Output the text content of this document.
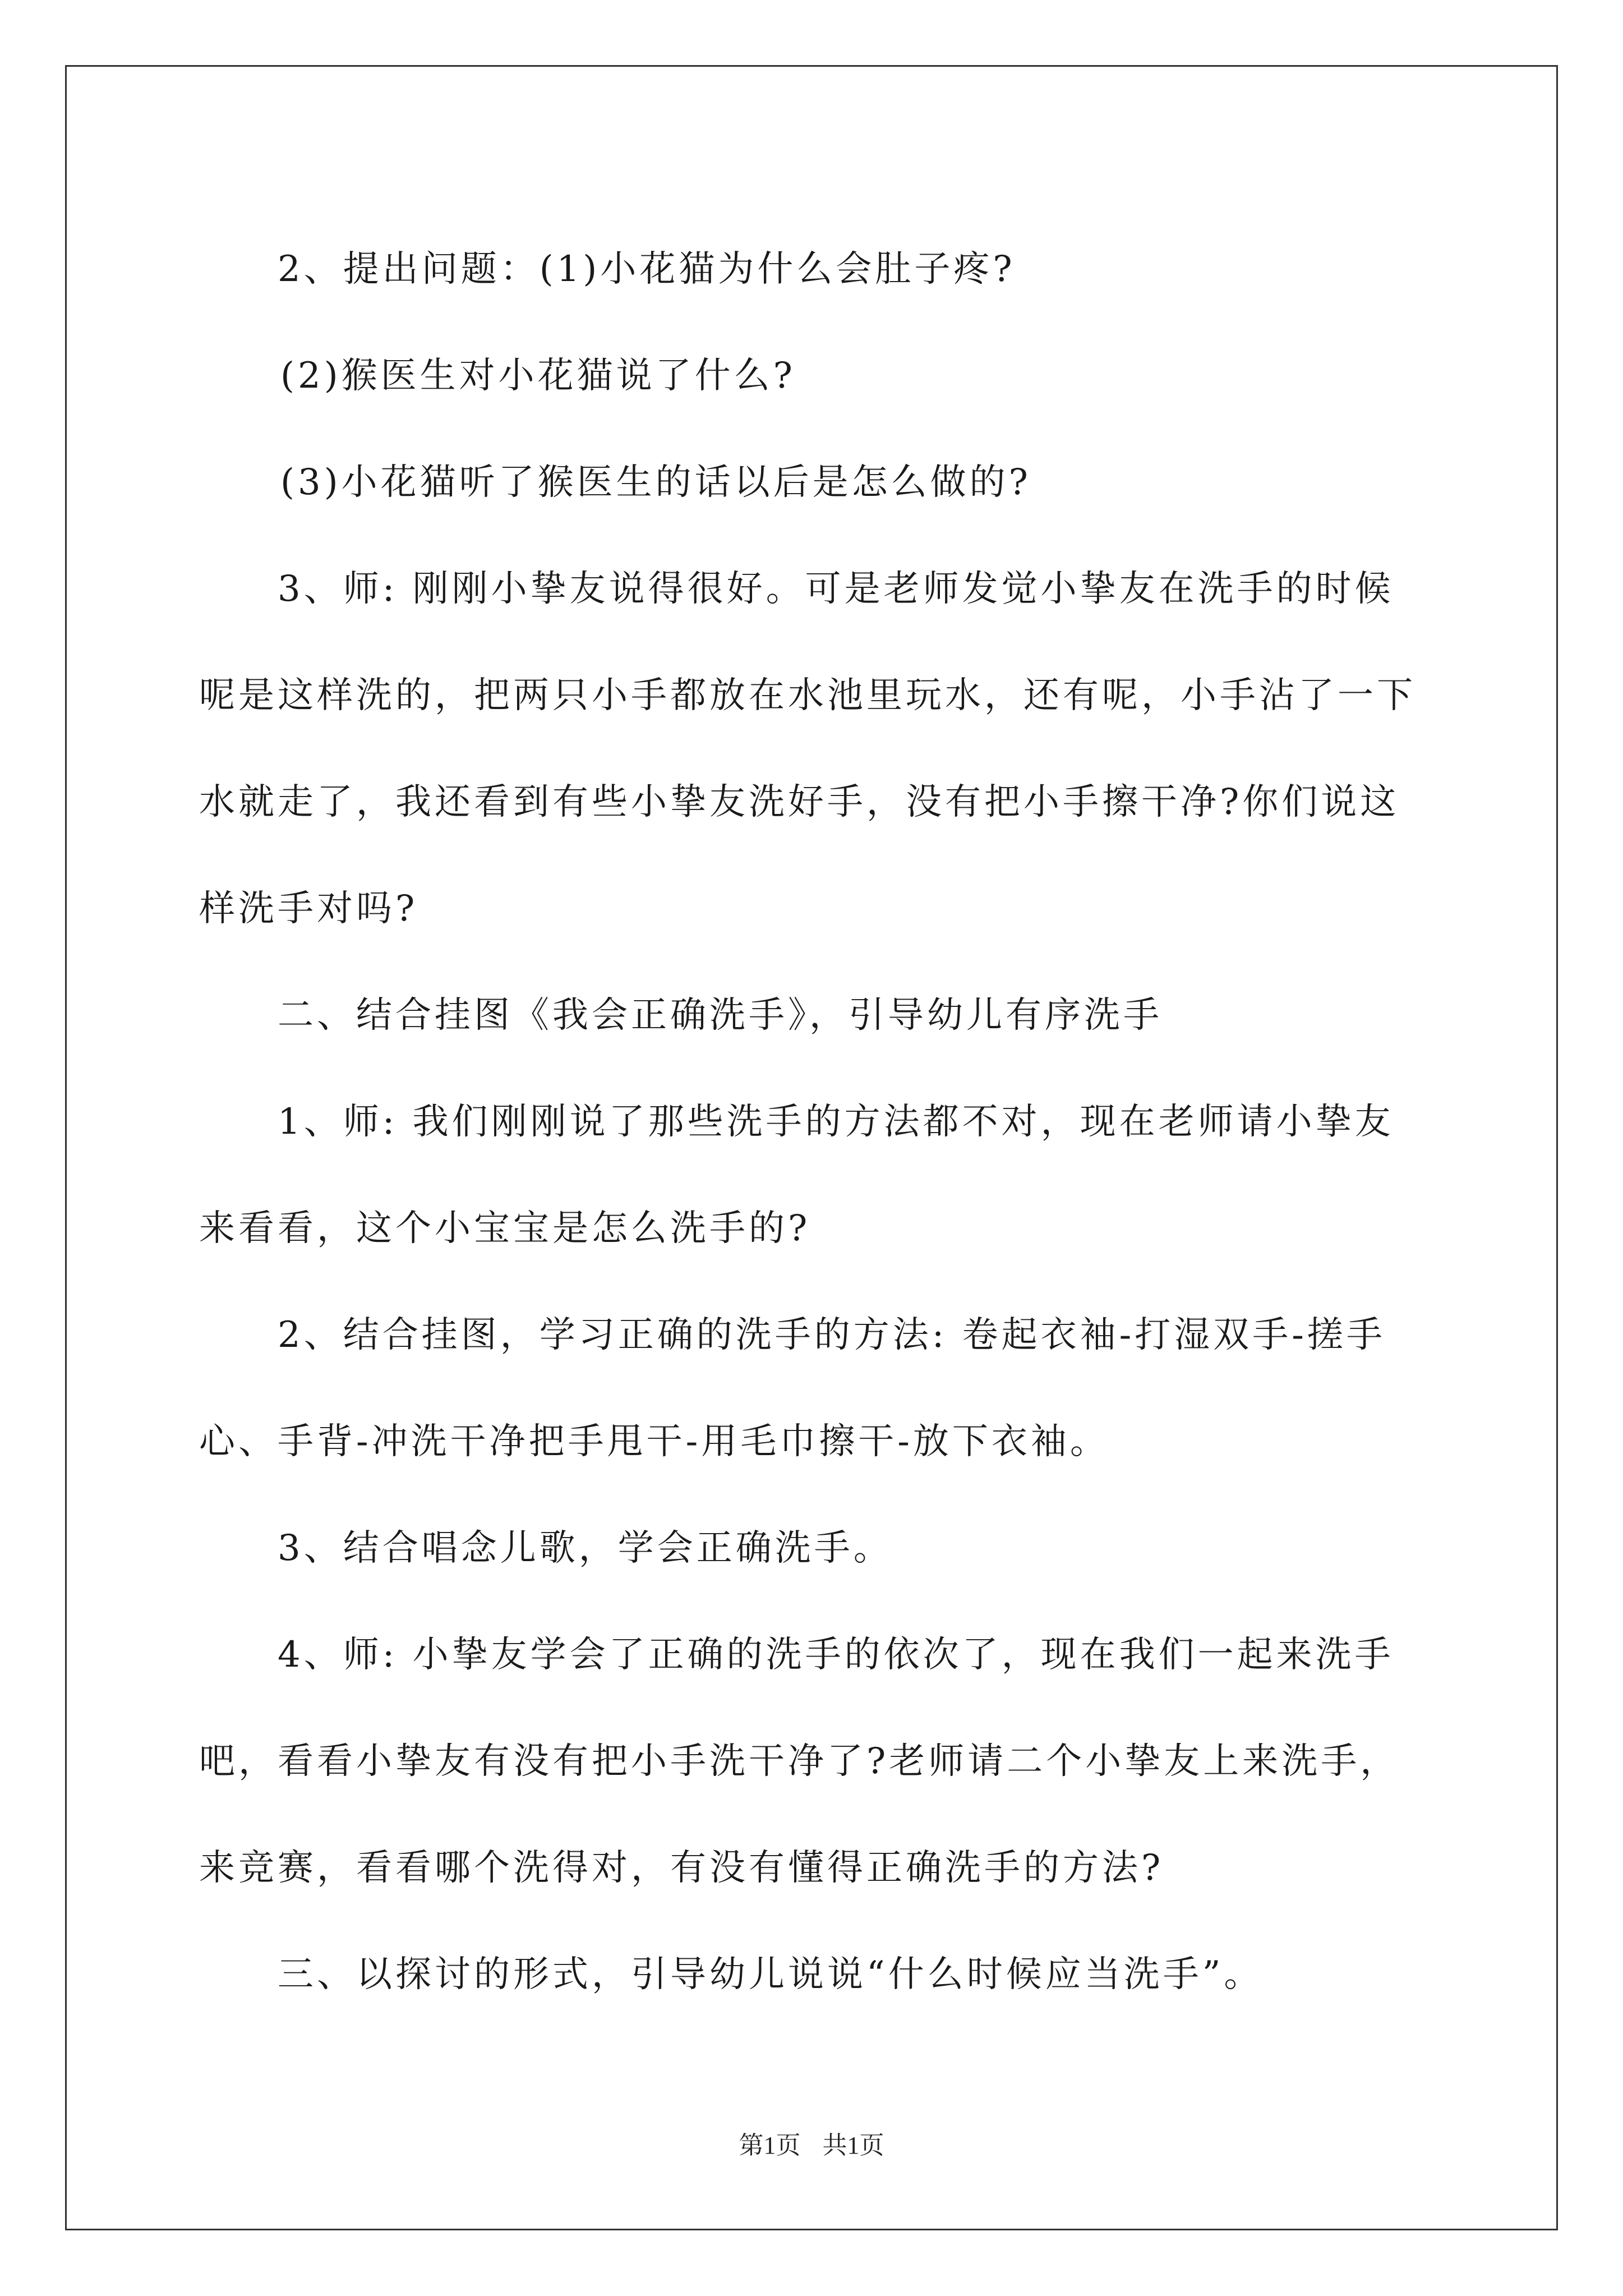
2、提出问题：(1)小花猫为什么会肚子疼?

(2)猴医生对小花猫说了什么?

(3)小花猫听了猴医生的话以后是怎么做的?

3、师: 刚刚小挚友说得很好。可是老师发觉小挚友在洗手的时候呢是这样洗的，把两只小手都放在水池里玩水，还有呢，小手沾了一下水就走了，我还看到有些小挚友洗好手，没有把小手擦干净?你们说这样洗手对吗?

二、结合挂图《我会正确洗手》，引导幼儿有序洗手

1、师: 我们刚刚说了那些洗手的方法都不对，现在老师请小挚友来看看，这个小宝宝是怎么洗手的?

2、结合挂图，学习正确的洗手的方法: 卷起衣袖-打湿双手-搓手心、手背-冲洗干净把手甩干-用毛巾擦干-放下衣袖。

3、结合唱念儿歌，学会正确洗手。

4、师: 小挚友学会了正确的洗手的依次了，现在我们一起来洗手吧，看看小挚友有没有把小手洗干净了?老师请二个小挚友上来洗手，来竞赛，看看哪个洗得对，有没有懂得正确洗手的方法?

三、以探讨的形式，引导幼儿说说“什么时候应当洗手”。

第1页 共1页
